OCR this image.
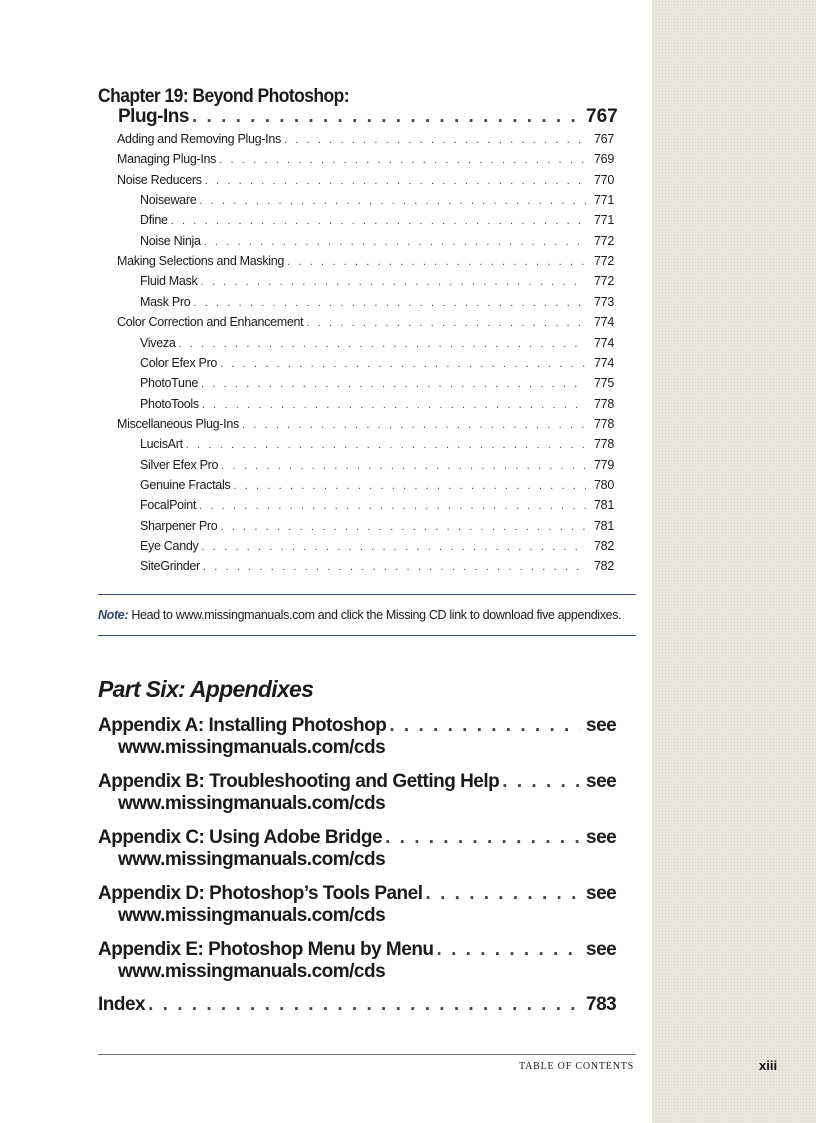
Chapter 19: Beyond Photoshop:
Plug-Ins . . .	767
Adding and Removing Plug-Ins . . .	767
Managing Plug-Ins . . .	769
Noise Reducers . . .	770
Noiseware . . .	771
Dfine . . .	771
Noise Ninja . . .	772
Making Selections and Masking . . .	772
Fluid Mask . . .	772
Mask Pro . . .	773
Color Correction and Enhancement . . .	774
Viveza . . .	774
Color Efex Pro . . .	774
PhotoTune . . .	775
PhotoTools . . .	778
Miscellaneous Plug-Ins . . .	778
LucisArt . . .	778
Silver Efex Pro . . .	779
Genuine Fractals . . .	780
FocalPoint . . .	781
Sharpener Pro . . .	781
Eye Candy . . .	782
SiteGrinder . . .	782
Note: Head to www.missingmanuals.com and click the Missing CD link to download five appendixes.
Part Six: Appendixes
Appendix A: Installing Photoshop . . .	see
www.missingmanuals.com/cds
Appendix B: Troubleshooting and Getting Help . . .	see
www.missingmanuals.com/cds
Appendix C: Using Adobe Bridge . . .	see
www.missingmanuals.com/cds
Appendix D: Photoshop’s Tools Panel . . .	see
www.missingmanuals.com/cds
Appendix E: Photoshop Menu by Menu . . .	see
www.missingmanuals.com/cds
Index . . .	783
TABLE OF CONTENTS	xiii
